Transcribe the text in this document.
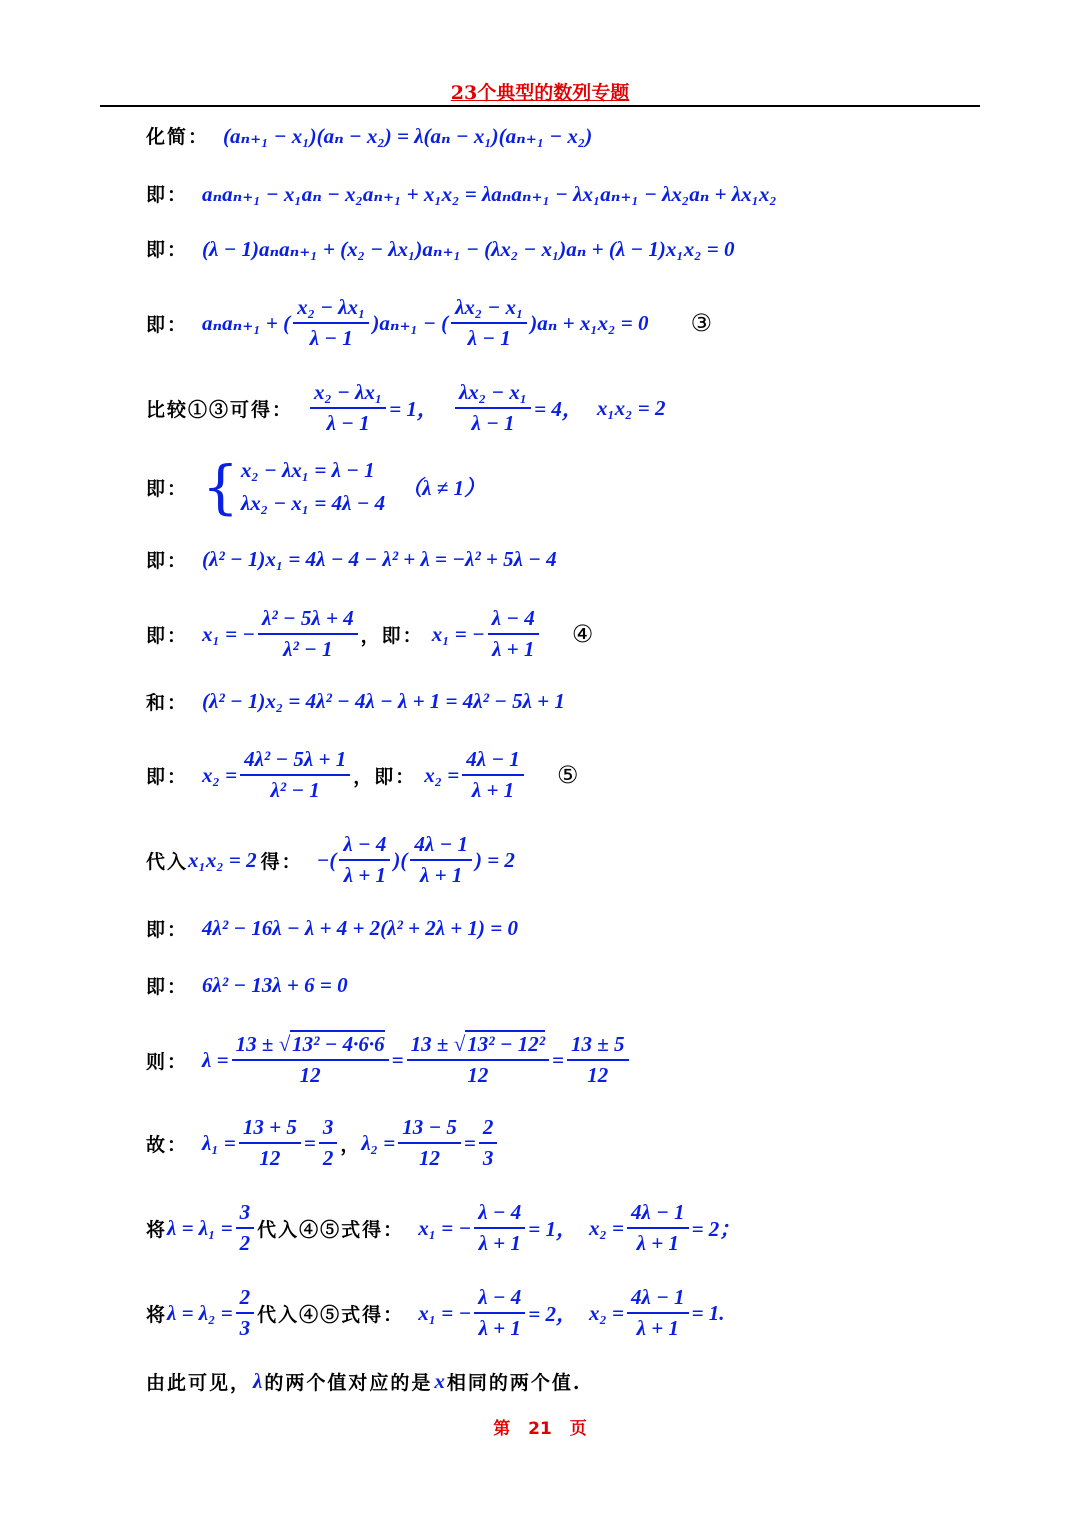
23个典型的数列专题
化简： (aₙ₊₁ − x₁)(aₙ − x₂) = λ(aₙ − x₁)(aₙ₊₁ − x₂)
即： aₙaₙ₊₁ − x₁aₙ − x₂aₙ₊₁ + x₁x₂ = λaₙaₙ₊₁ − λx₁aₙ₊₁ − λx₂aₙ + λx₁x₂
即： (λ − 1)aₙaₙ₊₁ + (x₂ − λx₁)aₙ₊₁ − (λx₂ − x₁)aₙ + (λ − 1)x₁x₂ = 0
即： aₙaₙ₊₁ + ( $\frac{\text{x₂ − λx₁}}{\lambda - 1} )a_{n+1}$ − ( $\frac{\text{λx₂ − x₁}}{\lambda - 1} )a_n + x_1x_2 = 0$ ③
比较①③可得： $\frac{\text{x₂ − λx₁}}{\lambda - 1} = 1$， $\frac{\text{λx₂ − x₁}}{\lambda - 1} = 4$， x₁x₂ = 2
即： { x₂ − λx₁ = λ − 1
λx₂ − x₁ = 4λ − 4
（λ ≠ 1）
即： (λ² − 1)x₁ = 4λ − 4 − λ² + λ = −λ² + 5λ − 4
即： x₁ = − $\frac{\text{λ² − 5λ + 4}}{\text{λ² − 1}}$ ，即： x₁ = − $\frac{\lambda - 4}{\lambda + 1}$ ④
和： (λ² − 1)x₂ = 4λ² − 4λ − λ + 1 = 4λ² − 5λ + 1
即： $x_2 = \frac{\text{4λ² − 5λ + 1}}{\text{λ² − 1}}$ ，即： $x_2 = \frac{4\lambda - 1}{\lambda + 1}$ ⑤
代入 x₁x₂ = 2 得： −( $\frac{\lambda - 4}{\lambda + 1}$ )( $\frac{4\lambda - 1}{\lambda + 1}$ ) = 2
即： 4λ² − 16λ − λ + 4 + 2(λ² + 2λ + 1) = 0
即： 6λ² − 13λ + 6 = 0
则： $\lambda = \frac{\text{13 ± √13² − 4·6·6}}{12} = \frac{\text{13 ± √13² − 12²}}{12} = \frac{13 \pm 5}{12}$
故： $\lambda_1 = \frac{13 + 5}{12} = \frac{3}{2}$ ， $\lambda_2 = \frac{13 - 5}{12} = \frac{2}{3}$
将 $\lambda = \lambda_1 = \frac{3}{2}$ 代入④⑤式得： x₁ = − $\frac{\lambda - 4}{\lambda + 1} = 1$， $x_2 = \frac{4\lambda - 1}{\lambda + 1} = 2$；
将 $\lambda = \lambda_2 = \frac{2}{3}$ 代入④⑤式得： x₁ = − $\frac{\lambda - 4}{\lambda + 1} = 2$， $x_2 = \frac{4\lambda - 1}{\lambda + 1} = 1$.
由此可见， λ 的两个值对应的是 x 相同的两个值.
第 21 页
